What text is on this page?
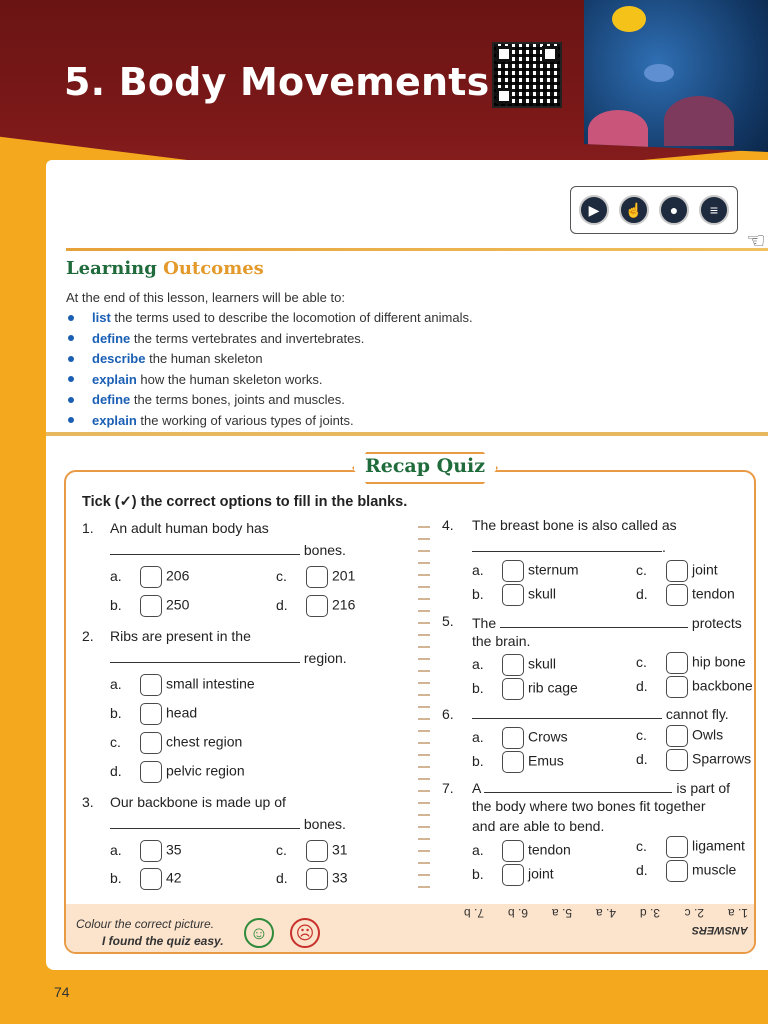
5. Body Movements
▶	☝	●	≡
☜
Learning Outcomes
At the end of this lesson, learners will be able to:
list the terms used to describe the locomotion of different animals.
define the terms vertebrates and invertebrates.
describe the human skeleton
explain how the human skeleton works.
define the terms bones, joints and muscles.
explain the working of various types of joints.
Recap Quiz
Tick (✓) the correct options to fill in the blanks.
1. An adult human body has
bones.
a.	206	c.	201
b.	250	d.	216
2. Ribs are present in the
region.
a.	small intestine
b.	head
c.	chest region
d.	pelvic region
3. Our backbone is made up of
bones.
a.	35	c.	31
b.	42	d.	33
4. The breast bone is also called as
.
a.	sternum	c.	joint
b.	skull	d.	tendon
5. The	protects
the brain.
a.	skull	c.	hip bone
b.	rib cage	d.	backbone
6.	cannot fly.
a.	Crows	c.	Owls
b.	Emus	d.	Sparrows
7. A	is part of
the body where two bones fit together
and are able to bend.
a.	tendon	c.	ligament
b.	joint	d.	muscle
Colour the correct picture.
I found the quiz easy.	☺	☹	ANSWERS
1. a2. c3. d4. a5. a6. b7. b
74
